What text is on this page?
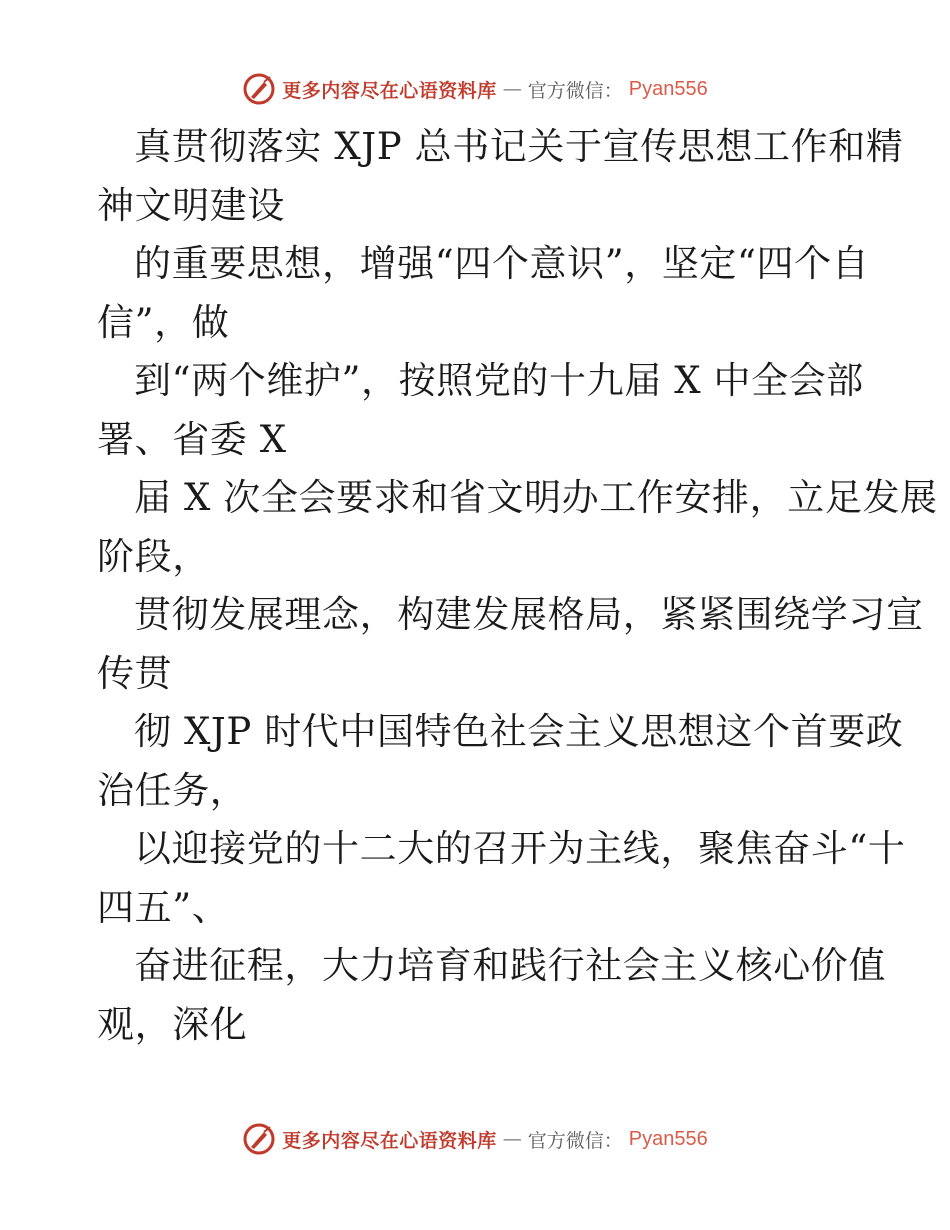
更多内容尽在心语资料库 — 官方微信： Pyan556
真贯彻落实 XJP 总书记关于宣传思想工作和精
神文明建设
的重要思想，增强“四个意识”，坚定“四个自
信”，做
到“两个维护”，按照党的十九届 X 中全会部
署、省委 X
届 X 次全会要求和省文明办工作安排，立足发展
阶段，
贯彻发展理念，构建发展格局，紧紧围绕学习宣
传贯
彻 XJP 时代中国特色社会主义思想这个首要政
治任务，
以迎接党的十二大的召开为主线，聚焦奋斗“十
四五”、
奋进征程，大力培育和践行社会主义核心价值
观，深化
更多内容尽在心语资料库 — 官方微信： Pyan556
